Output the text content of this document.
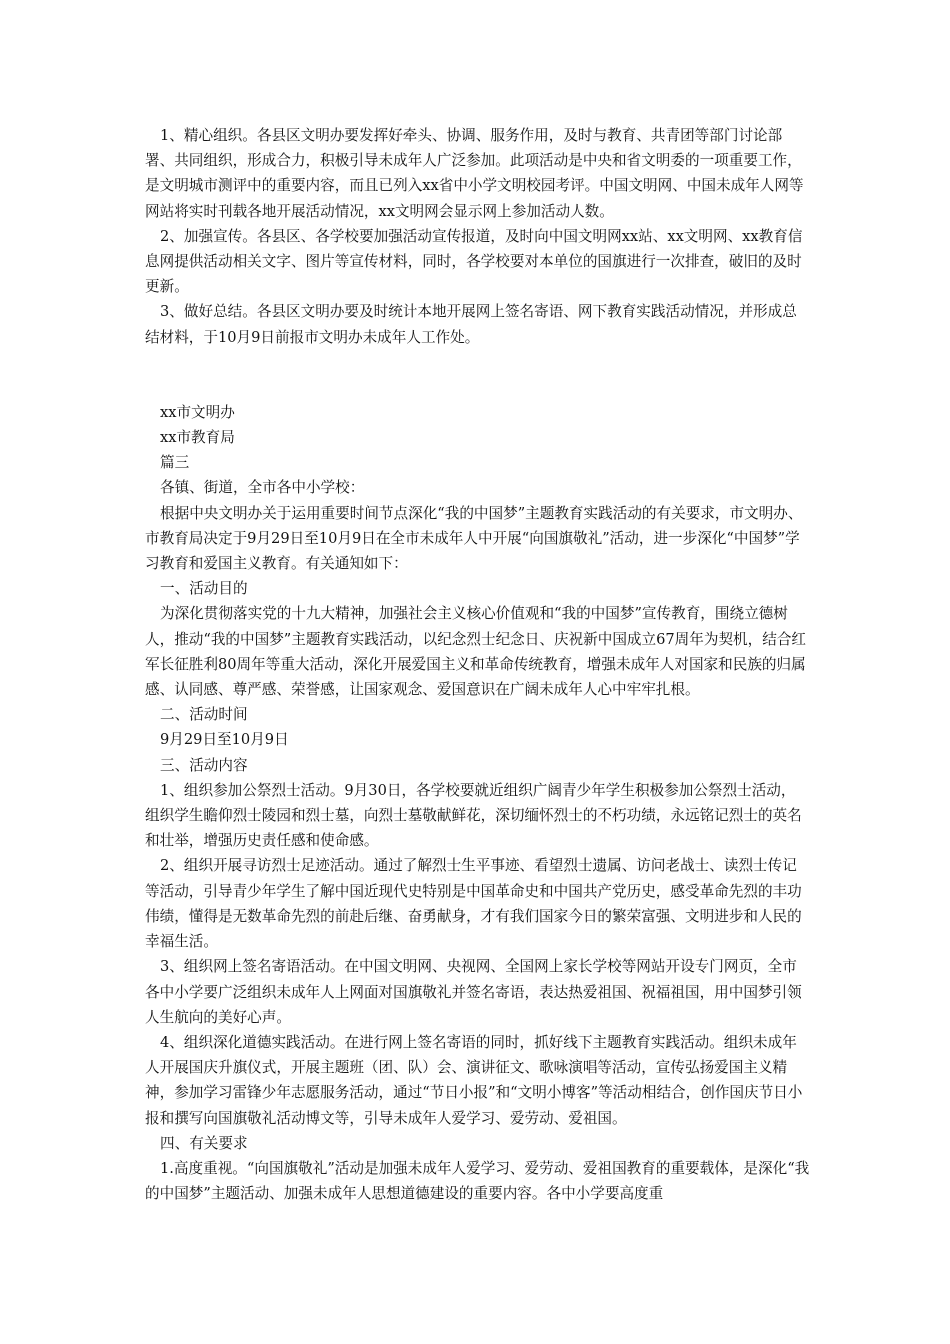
1、精心组织。各县区文明办要发挥好牵头、协调、服务作用，及时与教育、共青团等部门讨论部署、共同组织，形成合力，积极引导未成年人广泛参加。此项活动是中央和省文明委的一项重要工作，是文明城市测评中的重要内容，而且已列入xx省中小学文明校园考评。中国文明网、中国未成年人网等网站将实时刊载各地开展活动情况，xx文明网会显示网上参加活动人数。

2、加强宣传。各县区、各学校要加强活动宣传报道，及时向中国文明网xx站、xx文明网、xx教育信息网提供活动相关文字、图片等宣传材料，同时，各学校要对本单位的国旗进行一次排查，破旧的及时更新。

3、做好总结。各县区文明办要及时统计本地开展网上签名寄语、网下教育实践活动情况，并形成总结材料，于10月9日前报市文明办未成年人工作处。

xx市文明办

xx市教育局

篇三

各镇、街道，全市各中小学校：

根据中央文明办关于运用重要时间节点深化“我的中国梦”主题教育实践活动的有关要求，市文明办、市教育局决定于9月29日至10月9日在全市未成年人中开展“向国旗敬礼”活动，进一步深化“中国梦”学习教育和爱国主义教育。有关通知如下：

一、活动目的

为深化贯彻落实党的十九大精神，加强社会主义核心价值观和“我的中国梦”宣传教育，围绕立德树人，推动“我的中国梦”主题教育实践活动，以纪念烈士纪念日、庆祝新中国成立67周年为契机，结合红军长征胜利80周年等重大活动，深化开展爱国主义和革命传统教育，增强未成年人对国家和民族的归属感、认同感、尊严感、荣誉感，让国家观念、爱国意识在广阔未成年人心中牢牢扎根。

二、活动时间

9月29日至10月9日

三、活动内容

1、组织参加公祭烈士活动。9月30日，各学校要就近组织广阔青少年学生积极参加公祭烈士活动，组织学生瞻仰烈士陵园和烈士墓，向烈士墓敬献鲜花，深切缅怀烈士的不朽功绩，永远铭记烈士的英名和壮举，增强历史责任感和使命感。

2、组织开展寻访烈士足迹活动。通过了解烈士生平事迹、看望烈士遗属、访问老战士、读烈士传记等活动，引导青少年学生了解中国近现代史特别是中国革命史和中国共产党历史，感受革命先烈的丰功伟绩，懂得是无数革命先烈的前赴后继、奋勇献身，才有我们国家今日的繁荣富强、文明进步和人民的幸福生活。

3、组织网上签名寄语活动。在中国文明网、央视网、全国网上家长学校等网站开设专门网页，全市各中小学要广泛组织未成年人上网面对国旗敬礼并签名寄语，表达热爱祖国、祝福祖国，用中国梦引领人生航向的美好心声。

4、组织深化道德实践活动。在进行网上签名寄语的同时，抓好线下主题教育实践活动。组织未成年人开展国庆升旗仪式，开展主题班（团、队）会、演讲征文、歌咏演唱等活动，宣传弘扬爱国主义精神，参加学习雷锋少年志愿服务活动，通过“节日小报”和“文明小博客”等活动相结合，创作国庆节日小报和撰写向国旗敬礼活动博文等，引导未成年人爱学习、爱劳动、爱祖国。

四、有关要求

1.高度重视。“向国旗敬礼”活动是加强未成年人爱学习、爱劳动、爱祖国教育的重要载体，是深化“我的中国梦”主题活动、加强未成年人思想道德建设的重要内容。各中小学要高度重
